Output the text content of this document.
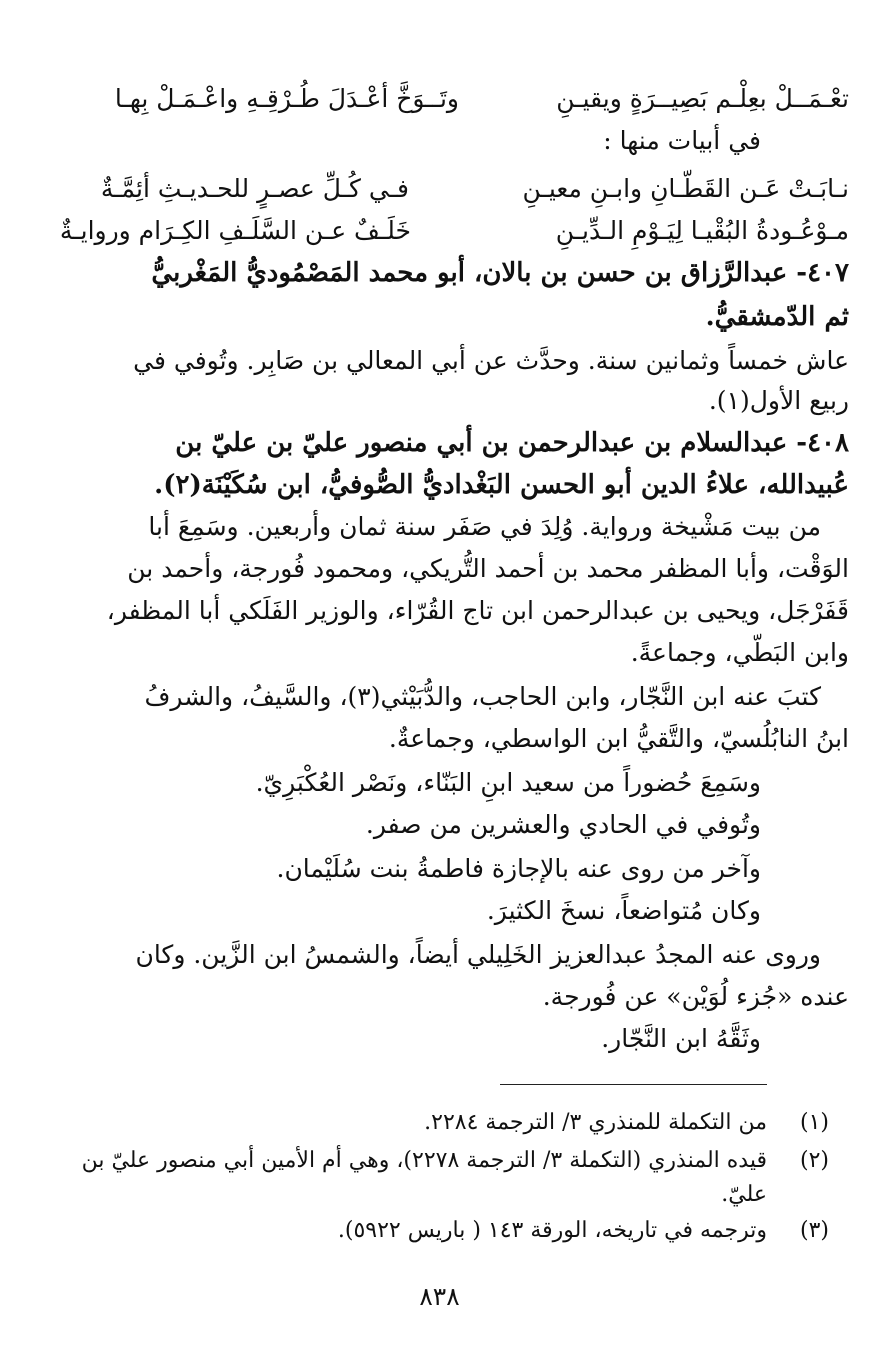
وتَــوَخَّ أعْـدَلَ طُـرْقِـهِ واعْـمَـلْ بِهـا	تعْـمَــلْ بعِلْـم بَصِيــرَةٍ ويقيـنِ
في أبيات منها :
فـي كُـلِّ عصـرٍ للحـديـثِ أئِمَّـةٌ	نـابَـتْ عَـن القَطّـانِ وابـنِ معيـنِ
خَلَـفٌ عـن السَّلَـفِ الكِـرَام وروايـةٌ	مـوْعُـودةُ البُقْيـا لِيَـوْمِ الـدِّيـنِ
٤٠٧- عبدالرَّزاق بن حسن بن بالان، أبو محمد المَصْمُوديُّ المَغْربيُّ
ثم الدّمشقيُّ.
عاش خمساً وثمانين سنة. وحدَّث عن أبي المعالي بن صَابِر. وتُوفي في
ربيع الأول(١).
٤٠٨- عبدالسلام بن عبدالرحمن بن أبي منصور عليّ بن عليّ بن
عُبيدالله، علاءُ الدين أبو الحسن البَغْداديُّ الصُّوفيُّ، ابن سُكَيْنَة(٢).
من بيت مَشْيخة ورواية. وُلِدَ في صَفَر سنة ثمان وأربعين. وسَمِعَ أبا
الوَقْت، وأبا المظفر محمد بن أحمد التُّريكي، ومحمود فُورجة، وأحمد بن
قَفَرْجَل، ويحيى بن عبدالرحمن ابن تاج القُرّاء، والوزير الفَلَكي أبا المظفر،
وابن البَطّي، وجماعةً.
كتبَ عنه ابن النَّجّار، وابن الحاجب، والدُّبَيْثي(٣)، والسَّيفُ، والشرفُ
ابنُ النابُلُسيّ، والتَّقيُّ ابن الواسطي، وجماعةٌ.
وسَمِعَ حُضوراً من سعيد ابنِ البَنّاء، ونَصْر العُكْبَرِيّ.
وتُوفي في الحادي والعشرين من صفر.
وآخر من روى عنه بالإجازة فاطمةُ بنت سُلَيْمان.
وكان مُتواضعاً، نسخَ الكثيرَ.
وروى عنه المجدُ عبدالعزيز الخَلِيلي أيضاً، والشمسُ ابن الزَّين. وكان
عنده «جُزء لُوَيْن» عن فُورجة.
وثَقَّهُ ابن النَّجّار.
(١)
من التكملة للمنذري ٣/ الترجمة ٢٢٨٤.
(٢)
قيده المنذري (التكملة ٣/ الترجمة ٢٢٧٨)، وهي أم الأمين أبي منصور عليّ بن
عليّ.
(٣)
وترجمه في تاريخه، الورقة ١٤٣ ( باريس ٥٩٢٢).
٨٣٨
